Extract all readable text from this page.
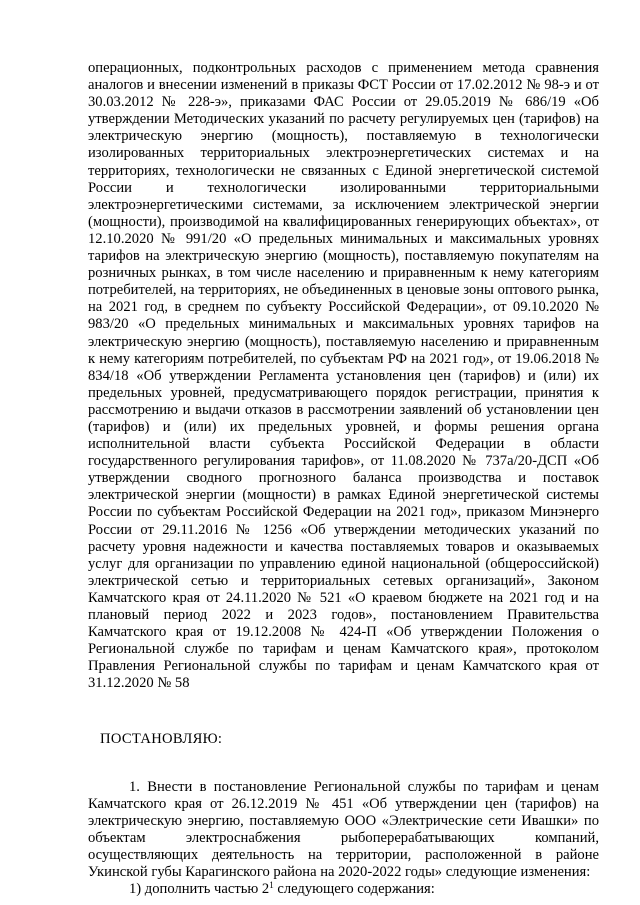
операционных, подконтрольных расходов с применением метода сравнения аналогов и внесении изменений в приказы ФСТ России от 17.02.2012 № 98-э и от 30.03.2012 № 228-э», приказами ФАС России от 29.05.2019 № 686/19 «Об утверждении Методических указаний по расчету регулируемых цен (тарифов) на электрическую энергию (мощность), поставляемую в технологически изолированных территориальных электроэнергетических системах и на территориях, технологически не связанных с Единой энергетической системой России и технологически изолированными территориальными электроэнергетическими системами, за исключением электрической энергии (мощности), производимой на квалифицированных генерирующих объектах», от 12.10.2020 № 991/20 «О предельных минимальных и максимальных уровнях тарифов на электрическую энергию (мощность), поставляемую покупателям на розничных рынках, в том числе населению и приравненным к нему категориям потребителей, на территориях, не объединенных в ценовые зоны оптового рынка, на 2021 год, в среднем по субъекту Российской Федерации», от 09.10.2020 № 983/20 «О предельных минимальных и максимальных уровнях тарифов на электрическую энергию (мощность), поставляемую населению и приравненным к нему категориям потребителей, по субъектам РФ на 2021 год», от 19.06.2018 № 834/18 «Об утверждении Регламента установления цен (тарифов) и (или) их предельных уровней, предусматривающего порядок регистрации, принятия к рассмотрению и выдачи отказов в рассмотрении заявлений об установлении цен (тарифов) и (или) их предельных уровней, и формы решения органа исполнительной власти субъекта Российской Федерации в области государственного регулирования тарифов», от 11.08.2020 № 737а/20-ДСП «Об утверждении сводного прогнозного баланса производства и поставок электрической энергии (мощности) в рамках Единой энергетической системы России по субъектам Российской Федерации на 2021 год», приказом Минэнерго России от 29.11.2016 № 1256 «Об утверждении методических указаний по расчету уровня надежности и качества поставляемых товаров и оказываемых услуг для организации по управлению единой национальной (общероссийской) электрической сетью и территориальных сетевых организаций», Законом Камчатского края от 24.11.2020 № 521 «О краевом бюджете на 2021 год и на плановый период 2022 и 2023 годов», постановлением Правительства Камчатского края от 19.12.2008 № 424-П «Об утверждении Положения о Региональной службе по тарифам и ценам Камчатского края», протоколом Правления Региональной службы по тарифам и ценам Камчатского края от 31.12.2020 № 58

ПОСТАНОВЛЯЮ:

1. Внести в постановление Региональной службы по тарифам и ценам Камчатского края от 26.12.2019 № 451 «Об утверждении цен (тарифов) на электрическую энергию, поставляемую ООО «Электрические сети Ивашки» по объектам электроснабжения рыбоперерабатывающих компаний, осуществляющих деятельность на территории, расположенной в районе Укинской губы Карагинского района на 2020-2022 годы» следующие изменения:

1) дополнить частью $2^1$ следующего содержания:
